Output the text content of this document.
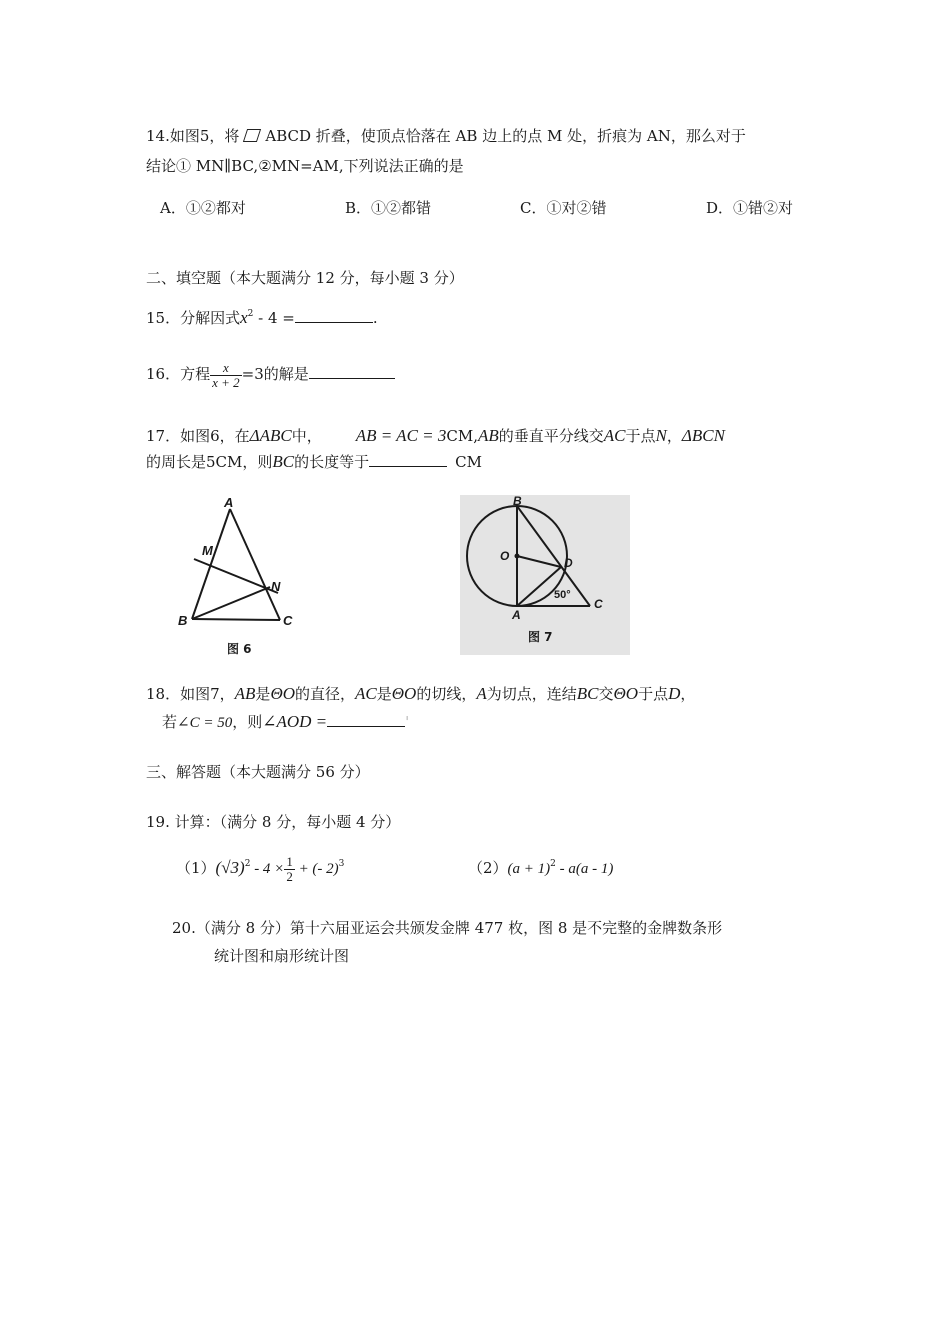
14.如图5，将 ABCD 折叠，使顶点恰落在 AB 边上的点 M 处，折痕为 AN，那么对于
结论① MN∥BC,②MN=AM,下列说法正确的是
A．①②都对	B．①②都错	C．①对②错	D．①错②对
二、填空题（本大题满分 12 分，每小题 3 分）
15．分解因式$x^2 - 4$ =	.
16．方程 $\frac{x}{x + 2} =3$的解是
17．如图6，在ΔABC中， AB = AC = 3CM,AB的垂直平分线交AC于点N，ΔBCN
的周长是5CM，则BC的长度等于	CM
A
B	C
M
N
图 6
B
O	D
A
C
50°
图 7
18．如图7，AB是ΘO的直径，AC是ΘO的切线，A为切点，连结BC交ΘO于点D，
若∠C = 50，则∠AOD =	'
三、解答题（本大题满分 56 分）
19. 计算：（满分 8 分，每小题 4 分）
$(1)(√3)^2 - 4 \times \frac{1}{2}$ + (- 2)$^3$	$(2)(a + 1)^2 - a(a - 1)$
20.（满分 8 分）第十六届亚运会共颁发金牌 477 枚，图 8 是不完整的金牌数条形
统计图和扇形统计图
